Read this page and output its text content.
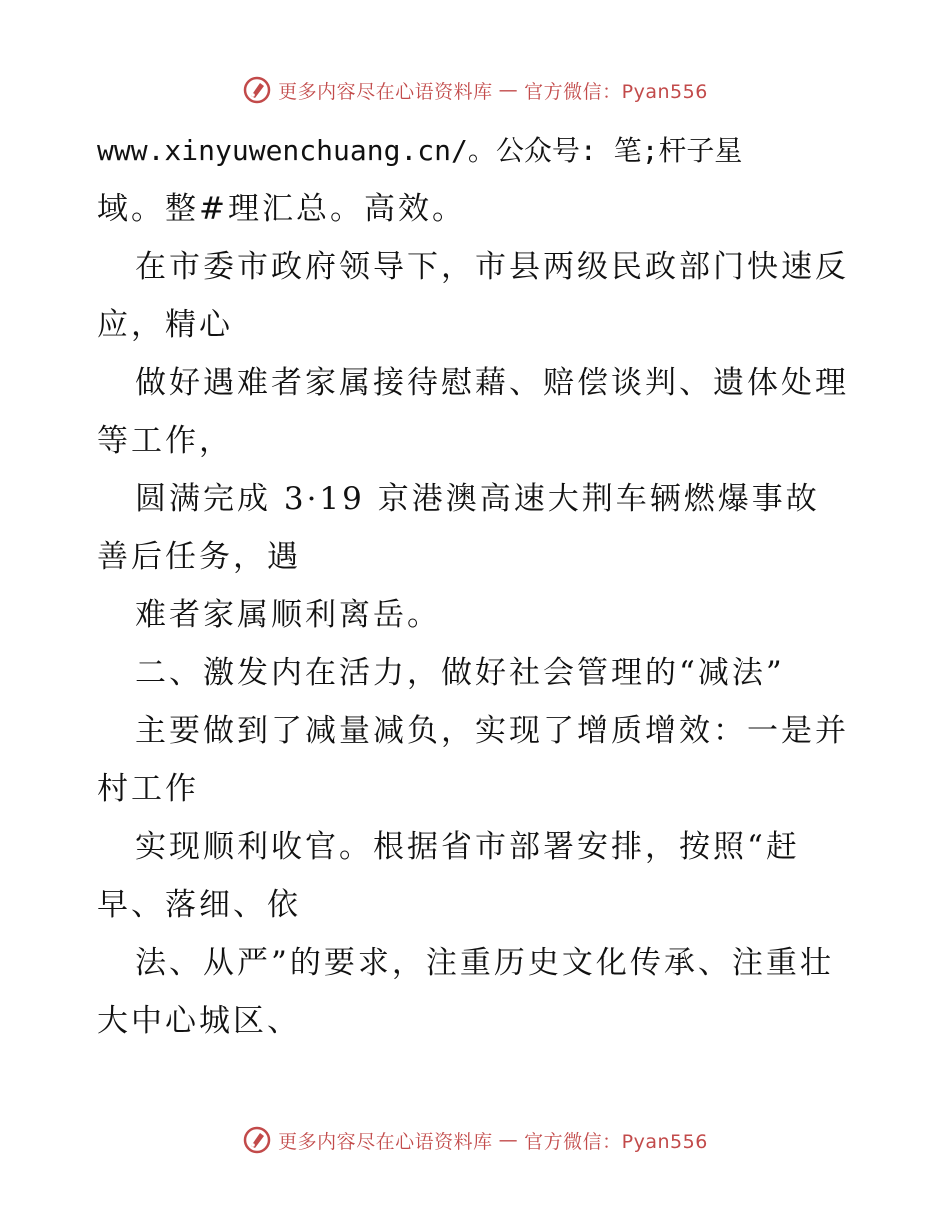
更多内容尽在心语资料库 — 官方微信：Pyan556
www.xinyuwenchuang.cn/。公众号: 笔;杆子星
域。整#理汇总。高效。
在市委市政府领导下，市县两级民政部门快速反
应，精心
做好遇难者家属接待慰藉、赔偿谈判、遗体处理
等工作，
圆满完成 3·19 京港澳高速大荆车辆燃爆事故
善后任务，遇
难者家属顺利离岳。
二、激发内在活力，做好社会管理的“减法”
主要做到了减量减负，实现了增质增效：一是并
村工作
实现顺利收官。根据省市部署安排，按照“赶
早、落细、依
法、从严”的要求，注重历史文化传承、注重壮
大中心城区、
更多内容尽在心语资料库 — 官方微信：Pyan556
